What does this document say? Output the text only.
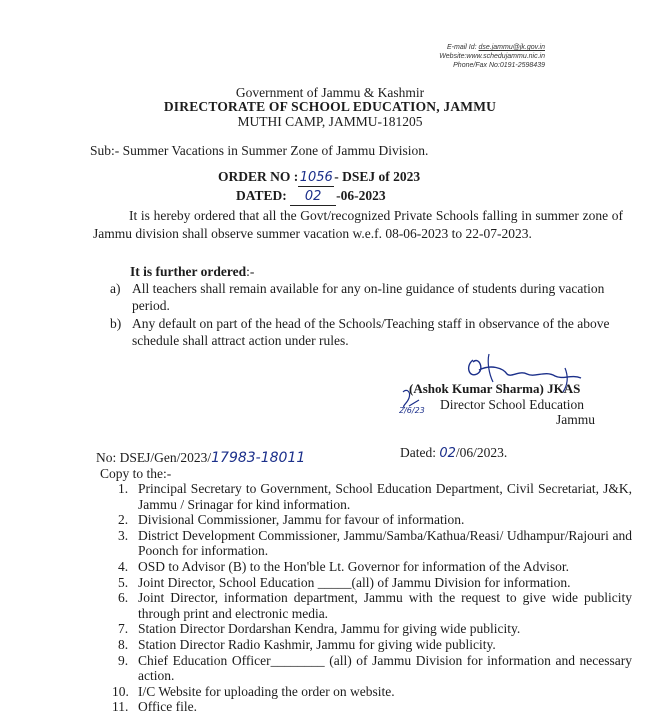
E-mail Id: dse.jammu@jk.gov.in
Website:www.schedujammu.nic.in
Phone/Fax No:0191-2598439
Government of Jammu & Kashmir
DIRECTORATE OF SCHOOL EDUCATION, JAMMU
MUTHI CAMP, JAMMU-181205
Sub:- Summer Vacations in Summer Zone of Jammu Division.
ORDER NO :1056- DSEJ of 2023
DATED: 02 -06-2023
It is hereby ordered that all the Govt/recognized Private Schools falling in summer zone of Jammu division shall observe summer vacation w.e.f. 08-06-2023 to 22-07-2023.
It is further ordered:-
a) All teachers shall remain available for any on-line guidance of students during vacation period.
b) Any default on part of the head of the Schools/Teaching staff in observance of the above schedule shall attract action under rules.
2/6/23
(Ashok Kumar Sharma) JKAS
Director School Education
Jammu
No: DSEJ/Gen/2023/17983-18011	Dated: 02/06/2023.
Copy to the:-
1. Principal Secretary to Government, School Education Department, Civil Secretariat, J&K, Jammu / Srinagar for kind information.
2. Divisional Commissioner, Jammu for favour of information.
3. District Development Commissioner, Jammu/Samba/Kathua/Reasi/ Udhampur/Rajouri and Poonch for information.
4. OSD to Advisor (B) to the Hon'ble Lt. Governor for information of the Advisor.
5. Joint Director, School Education _____(all) of Jammu Division for information.
6. Joint Director, information department, Jammu with the request to give wide publicity through print and electronic media.
7. Station Director Dordarshan Kendra, Jammu for giving wide publicity.
8. Station Director Radio Kashmir, Jammu for giving wide publicity.
9. Chief Education Officer________ (all) of Jammu Division for information and necessary action.
10. I/C Website for uploading the order on website.
11. Office file.
